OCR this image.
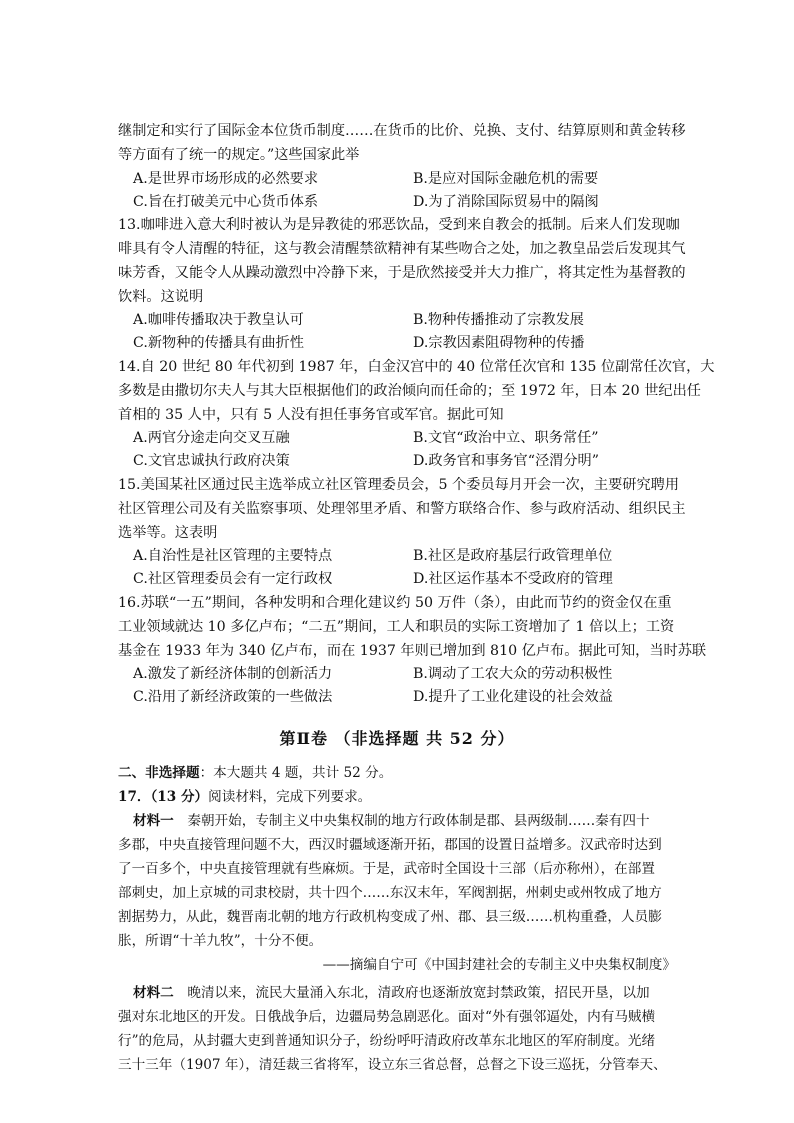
继制定和实行了国际金本位货币制度……在货币的比价、兑换、支付、结算原则和黄金转移
等方面有了统一的规定。”这些国家此举
A.是世界市场形成的必然要求	B.是应对国际金融危机的需要
C.旨在打破美元中心货币体系	D.为了消除国际贸易中的隔阂
13.咖啡进入意大利时被认为是异教徒的邪恶饮品，受到来自教会的抵制。后来人们发现咖
啡具有令人清醒的特征，这与教会清醒禁欲精神有某些吻合之处，加之教皇品尝后发现其气
味芳香，又能令人从躁动激烈中冷静下来，于是欣然接受并大力推广，将其定性为基督教的
饮料。这说明
A.咖啡传播取决于教皇认可	B.物种传播推动了宗教发展
C.新物种的传播具有曲折性	D.宗教因素阻碍物种的传播
14.自 20 世纪 80 年代初到 1987 年，白金汉宫中的 40 位常任次官和 135 位副常任次官，大
多数是由撒切尔夫人与其大臣根据他们的政治倾向而任命的；至 1972 年，日本 20 世纪出任
首相的 35 人中，只有 5 人没有担任事务官或军官。据此可知
A.两官分途走向交叉互融	B.文官“政治中立、职务常任”
C.文官忠诚执行政府决策	D.政务官和事务官“泾渭分明”
15.美国某社区通过民主选举成立社区管理委员会，5 个委员每月开会一次，主要研究聘用
社区管理公司及有关监察事项、处理邻里矛盾、和警方联络合作、参与政府活动、组织民主
选举等。这表明
A.自治性是社区管理的主要特点	B.社区是政府基层行政管理单位
C.社区管理委员会有一定行政权	D.社区运作基本不受政府的管理
16.苏联“一五”期间，各种发明和合理化建议约 50 万件（条），由此而节约的资金仅在重
工业领域就达 10 多亿卢布；“二五”期间，工人和职员的实际工资增加了 1 倍以上；工资
基金在 1933 年为 340 亿卢布，而在 1937 年则已增加到 810 亿卢布。据此可知，当时苏联
A.激发了新经济体制的创新活力	B.调动了工农大众的劳动积极性
C.沿用了新经济政策的一些做法	D.提升了工业化建设的社会效益
第Ⅱ卷 （非选择题 共 52 分）
二、非选择题：本大题共 4 题，共计 52 分。
17．（13 分）阅读材料，完成下列要求。
材料一　秦朝开始，专制主义中央集权制的地方行政体制是郡、县两级制……秦有四十
多郡，中央直接管理问题不大，西汉时疆域逐渐开拓，郡国的设置日益增多。汉武帝时达到
了一百多个，中央直接管理就有些麻烦。于是，武帝时全国设十三部（后亦称州），在部置
部刺史，加上京城的司隶校尉，共十四个……东汉末年，军阀割据，州刺史或州牧成了地方
割据势力，从此，魏晋南北朝的地方行政机构变成了州、郡、县三级……机构重叠，人员膨
胀，所谓“十羊九牧”，十分不便。
——摘编自宁可《中国封建社会的专制主义中央集权制度》
材料二　晚清以来，流民大量涌入东北，清政府也逐渐放宽封禁政策，招民开垦，以加
强对东北地区的开发。日俄战争后，边疆局势急剧恶化。面对“外有强邻逼处，内有马贼横
行”的危局，从封疆大吏到普通知识分子，纷纷呼吁清政府改革东北地区的军府制度。光绪
三十三年（1907 年），清廷裁三省将军，设立东三省总督，总督之下设三巡抚，分管奉天、
